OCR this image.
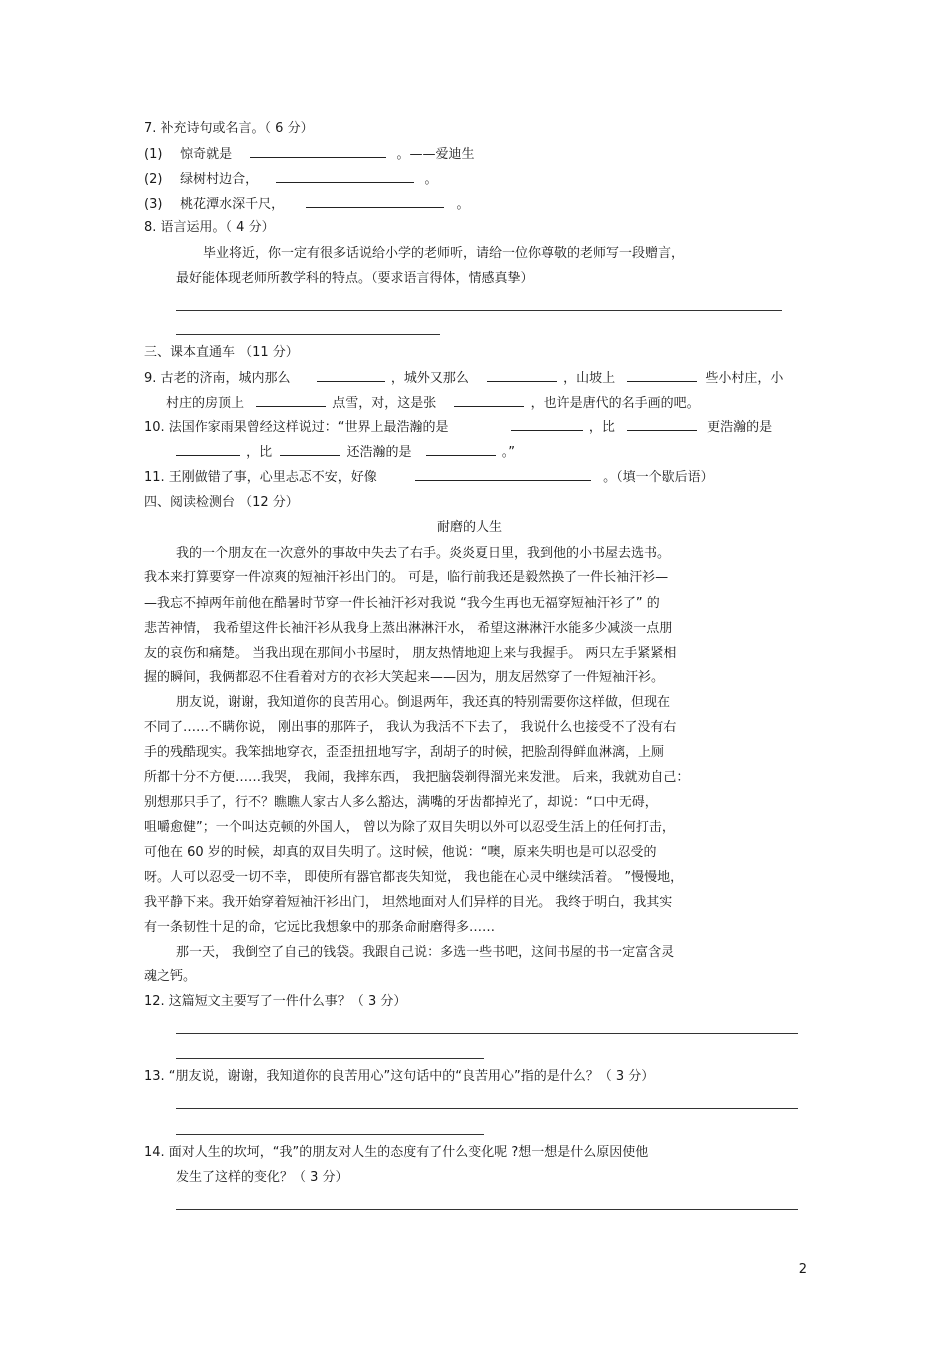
7. 补充诗句或名言。（ 6 分）
(1) 惊奇就是	。——爱迪生
(2) 绿树村边合，	。
(3) 桃花潭水深千尺，	。
8. 语言运用。（ 4 分）
毕业将近，你一定有很多话说给小学的老师听，请给一位你尊敬的老师写一段赠言，
最好能体现老师所教学科的特点。（要求语言得体，情感真挚）
三、课本直通车 （11 分）
9. 古老的济南，城内那么	，城外又那么	，山坡上	些小村庄，小
村庄的房顶上	点雪，对，这是张	，也许是唐代的名手画的吧。
10. 法国作家雨果曾经这样说过：“世界上最浩瀚的是	，比	更浩瀚的是
，比	还浩瀚的是	。”
11. 王刚做错了事，心里忐忑不安，好像	。（填一个歇后语）
四、阅读检测台 （12 分）
耐磨的人生
我的一个朋友在一次意外的事故中失去了右手。炎炎夏日里，我到他的小书屋去选书。
我本来打算要穿一件凉爽的短袖汗衫出门的。 可是，临行前我还是毅然换了一件长袖汗衫—
—我忘不掉两年前他在酷暑时节穿一件长袖汗衫对我说 “我今生再也无福穿短袖汗衫了” 的
悲苦神情， 我希望这件长袖汗衫从我身上蒸出淋淋汗水， 希望这淋淋汗水能多少减淡一点朋
友的哀伤和痛楚。 当我出现在那间小书屋时， 朋友热情地迎上来与我握手。 两只左手紧紧相
握的瞬间，我俩都忍不住看着对方的衣衫大笑起来——因为，朋友居然穿了一件短袖汗衫。
朋友说，谢谢，我知道你的良苦用心。倒退两年，我还真的特别需要你这样做，但现在
不同了……不瞒你说， 刚出事的那阵子， 我认为我活不下去了， 我说什么也接受不了没有右
手的残酷现实。我笨拙地穿衣，歪歪扭扭地写字，刮胡子的时候，把脸刮得鲜血淋漓，上厕
所都十分不方便……我哭， 我闹，我摔东西， 我把脑袋剃得溜光来发泄。 后来，我就劝自己：
别想那只手了，行不？瞧瞧人家古人多么豁达，满嘴的牙齿都掉光了，却说：“口中无碍，
咀嚼愈健”；一个叫达克顿的外国人， 曾以为除了双目失明以外可以忍受生活上的任何打击，
可他在 60 岁的时候，却真的双目失明了。这时候，他说：“噢，原来失明也是可以忍受的
呀。人可以忍受一切不幸， 即使所有器官都丧失知觉， 我也能在心灵中继续活着。 ”慢慢地，
我平静下来。我开始穿着短袖汗衫出门， 坦然地面对人们异样的目光。 我终于明白，我其实
有一条韧性十足的命，它远比我想象中的那条命耐磨得多……
那一天， 我倒空了自己的钱袋。我跟自己说：多选一些书吧，这间书屋的书一定富含灵
魂之钙。
12. 这篇短文主要写了一件什么事？（ 3 分）
13. “朋友说，谢谢，我知道你的良苦用心”这句话中的“良苦用心”指的是什么？（ 3 分）
14. 面对人生的坎坷，“我”的朋友对人生的态度有了什么变化呢 ?想一想是什么原因使他
发生了这样的变化？（ 3 分）
2
